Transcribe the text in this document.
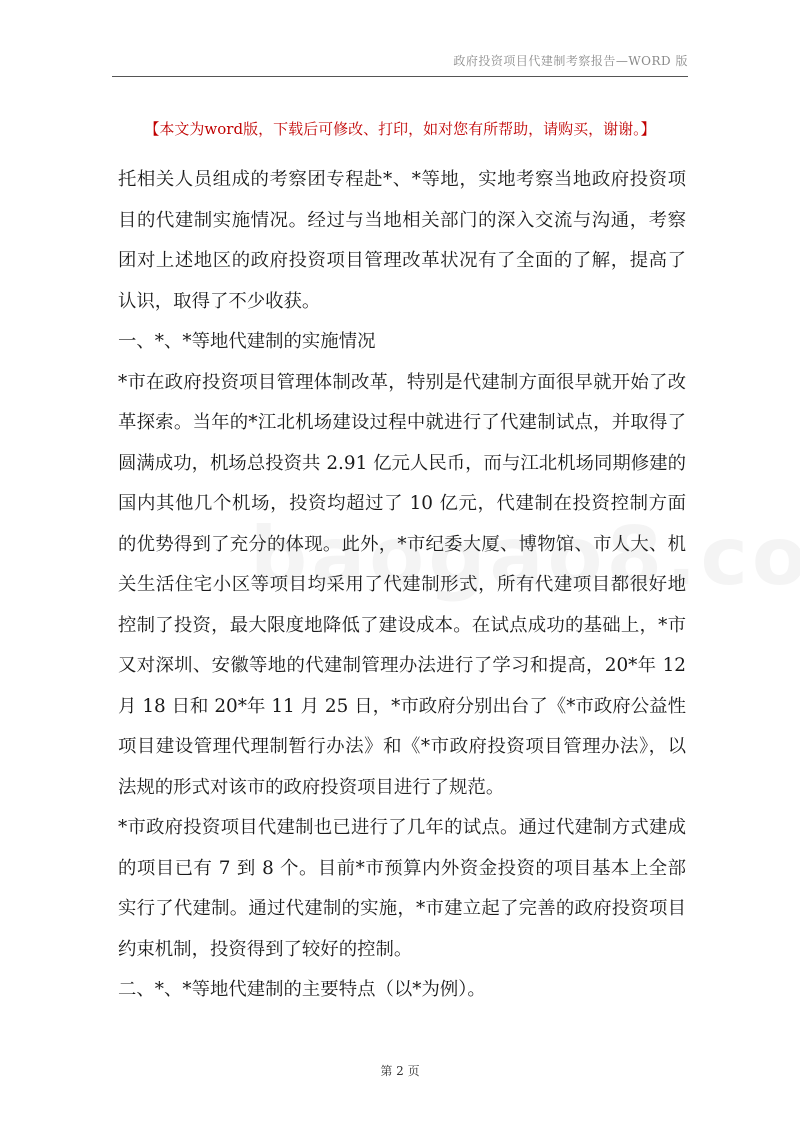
政府投资项目代建制考察报告—WORD 版
【本文为word版，下载后可修改、打印，如对您有所帮助，请购买，谢谢。】

托相关人员组成的考察团专程赴*、*等地，实地考察当地政府投资项目的代建制实施情况。经过与当地相关部门的深入交流与沟通，考察团对上述地区的政府投资项目管理改革状况有了全面的了解，提高了认识，取得了不少收获。

一、*、*等地代建制的实施情况

*市在政府投资项目管理体制改革，特别是代建制方面很早就开始了改革探索。当年的*江北机场建设过程中就进行了代建制试点，并取得了圆满成功，机场总投资共 2.91 亿元人民币，而与江北机场同期修建的国内其他几个机场，投资均超过了 10 亿元，代建制在投资控制方面的优势得到了充分的体现。此外，*市纪委大厦、博物馆、市人大、机关生活住宅小区等项目均采用了代建制形式，所有代建项目都很好地控制了投资，最大限度地降低了建设成本。在试点成功的基础上，*市又对深圳、安徽等地的代建制管理办法进行了学习和提高，20*年 12 月 18 日和 20*年 11 月 25 日，*市政府分别出台了《*市政府公益性项目建设管理代理制暂行办法》和《*市政府投资项目管理办法》，以法规的形式对该市的政府投资项目进行了规范。

*市政府投资项目代建制也已进行了几年的试点。通过代建制方式建成的项目已有 7 到 8 个。目前*市预算内外资金投资的项目基本上全部实行了代建制。通过代建制的实施，*市建立起了完善的政府投资项目约束机制，投资得到了较好的控制。

二、*、*等地代建制的主要特点（以*为例）。

第 2 页
